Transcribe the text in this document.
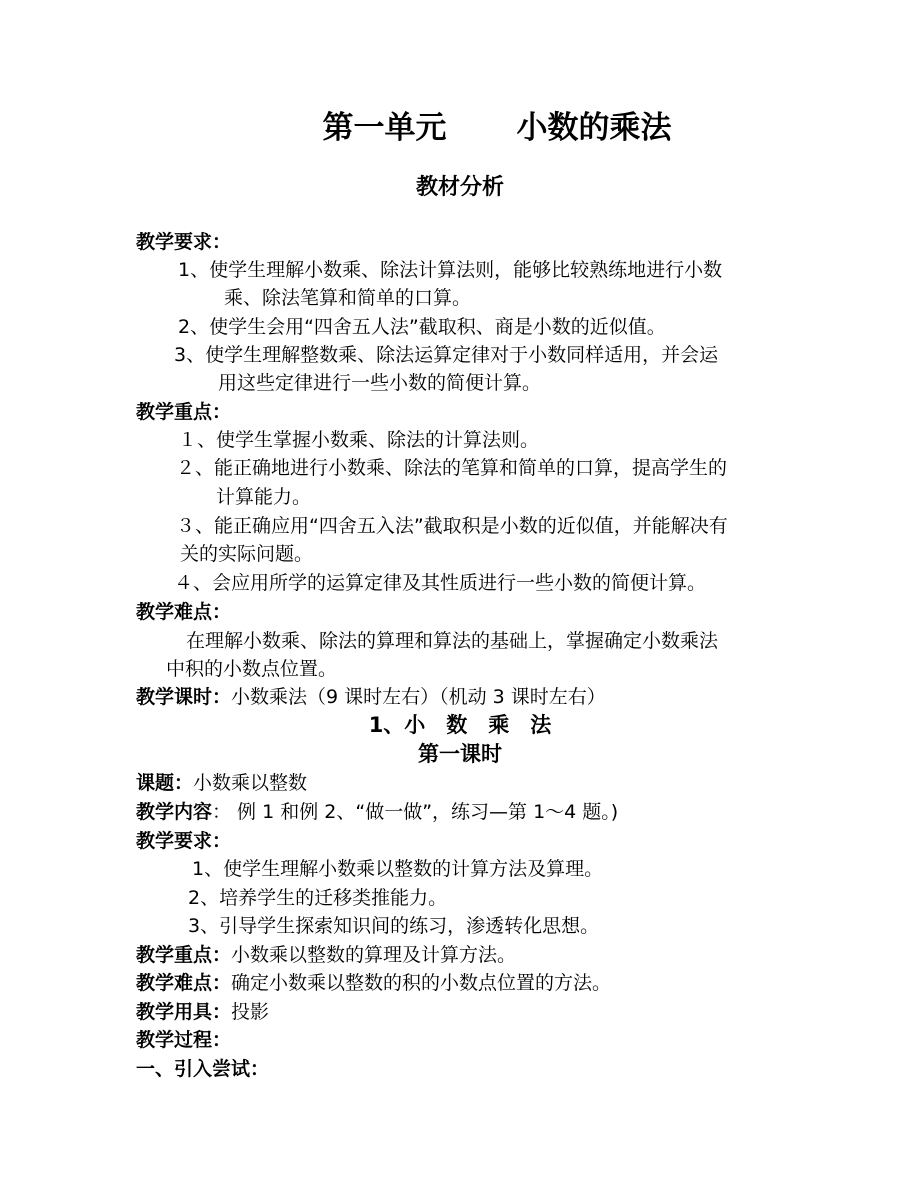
第一单元 小数的乘法
教材分析
教学要求：
1、使学生理解小数乘、除法计算法则，能够比较熟练地进行小数
乘、除法笔算和简单的口算。
2、使学生会用“四舍五人法”截取积、商是小数的近似值。
3、使学生理解整数乘、除法运算定律对于小数同样适用，并会运
用这些定律进行一些小数的简便计算。
教学重点：
１、使学生掌握小数乘、除法的计算法则。
２、能正确地进行小数乘、除法的笔算和简单的口算，提高学生的
计算能力。
３、能正确应用“四舍五入法”截取积是小数的近似值，并能解决有
关的实际问题。
４、会应用所学的运算定律及其性质进行一些小数的简便计算。
教学难点：
在理解小数乘、除法的算理和算法的基础上，掌握确定小数乘法
中积的小数点位置。
教学课时：小数乘法（9 课时左右）（机动 3 课时左右）
1、小　数　乘　法
第一课时
课题：小数乘以整数
教学内容： 例 1 和例 2、“做一做”，练习—第 1～4 题。)
教学要求：
1、使学生理解小数乘以整数的计算方法及算理。
2、培养学生的迁移类推能力。
3、引导学生探索知识间的练习，渗透转化思想。
教学重点：小数乘以整数的算理及计算方法。
教学难点：确定小数乘以整数的积的小数点位置的方法。
教学用具：投影
教学过程：
一、引入尝试：
